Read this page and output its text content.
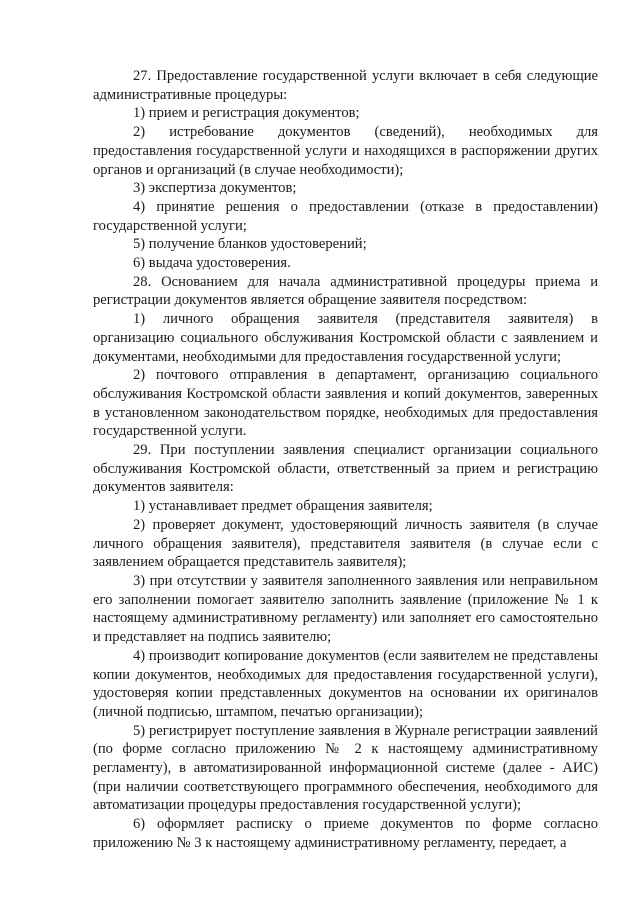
27. Предоставление государственной услуги включает в себя следующие административные процедуры:

1) прием и регистрация документов;

2) истребование документов (сведений), необходимых для предоставления государственной услуги и находящихся в распоряжении других органов и организаций (в случае необходимости);

3) экспертиза документов;

4) принятие решения о предоставлении (отказе в предоставлении) государственной услуги;

5) получение бланков удостоверений;

6) выдача удостоверения.

28. Основанием для начала административной процедуры приема и регистрации документов является обращение заявителя посредством:

1) личного обращения заявителя (представителя заявителя) в организацию социального обслуживания Костромской области с заявлением и документами, необходимыми для предоставления государственной услуги;

2) почтового отправления в департамент, организацию социального обслуживания Костромской области заявления и копий документов, заверенных в установленном законодательством порядке, необходимых для предоставления государственной услуги.

29. При поступлении заявления специалист организации социального обслуживания Костромской области, ответственный за прием и регистрацию документов заявителя:

1) устанавливает предмет обращения заявителя;

2) проверяет документ, удостоверяющий личность заявителя (в случае личного обращения заявителя), представителя заявителя (в случае если с заявлением обращается представитель заявителя);

3) при отсутствии у заявителя заполненного заявления или неправильном его заполнении помогает заявителю заполнить заявление (приложение № 1 к настоящему административному регламенту) или заполняет его самостоятельно и представляет на подпись заявителю;

4) производит копирование документов (если заявителем не представлены копии документов, необходимых для предоставления государственной услуги), удостоверяя копии представленных документов на основании их оригиналов (личной подписью, штампом, печатью организации);

5) регистрирует поступление заявления в Журнале регистрации заявлений (по форме согласно приложению № 2 к настоящему административному регламенту), в автоматизированной информационной системе (далее - АИС) (при наличии соответствующего программного обеспечения, необходимого для автоматизации процедуры предоставления государственной услуги);

6) оформляет расписку о приеме документов по форме согласно приложению № 3 к настоящему административному регламенту, передает, а
